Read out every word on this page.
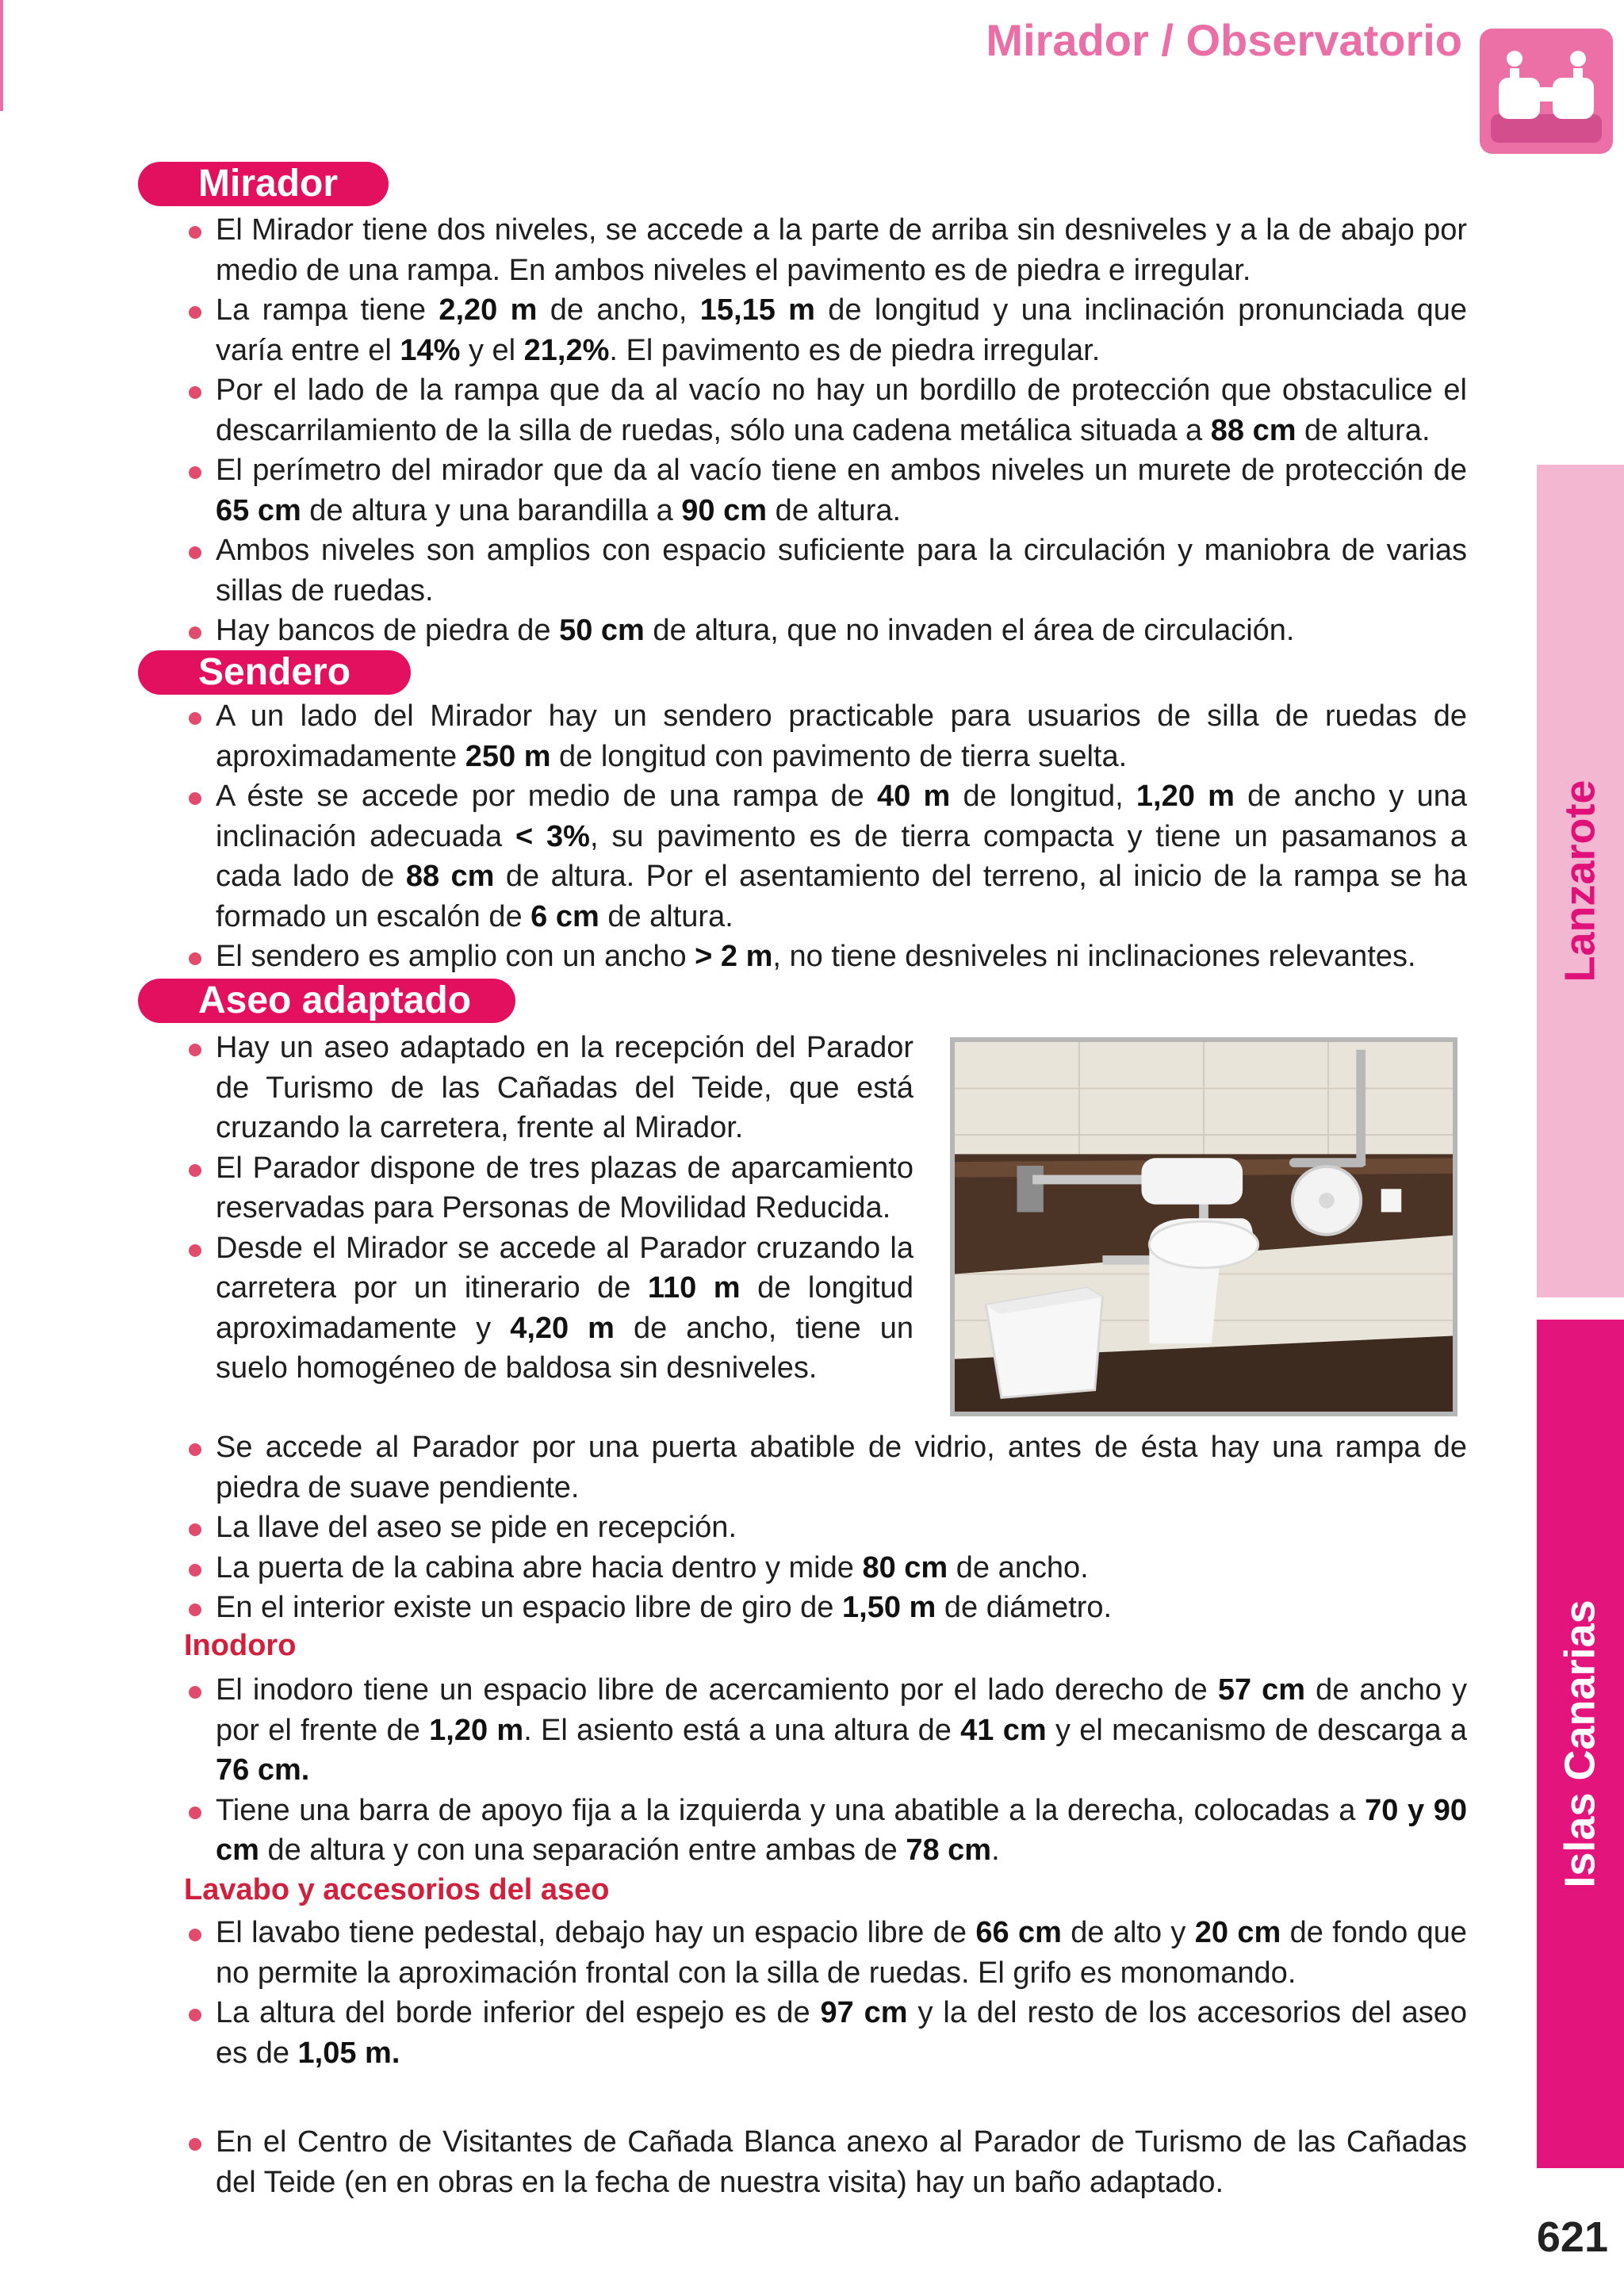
Mirador / Observatorio
Lanzarote
Islas Canarias
621
Mirador
El Mirador tiene dos niveles, se accede a la parte de arriba sin desniveles y a la de abajo por medio de una rampa. En ambos niveles el pavimento es de piedra e irregular.
La rampa tiene 2,20 m de ancho, 15,15 m de longitud y una inclinación pronunciada que varía entre el 14% y el 21,2%. El pavimento es de piedra irregular.
Por el lado de la rampa que da al vacío no hay un bordillo de protección que obstaculice el descarrilamiento de la silla de ruedas, sólo una cadena metálica situada a 88 cm de altura.
El perímetro del mirador que da al vacío tiene en ambos niveles un murete de protección de 65 cm de altura y una barandilla a 90 cm de altura.
Ambos niveles son amplios con espacio suficiente para la circulación y maniobra de varias sillas de ruedas.
Hay bancos de piedra de 50 cm de altura, que no invaden el área de circulación.
Sendero
A un lado del Mirador hay un sendero practicable para usuarios de silla de ruedas de aproximadamente 250 m de longitud con pavimento de tierra suelta.
A éste se accede por medio de una rampa de 40 m de longitud, 1,20 m de ancho y una inclinación adecuada < 3%, su pavimento es de tierra compacta y tiene un pasamanos a cada lado de 88 cm de altura. Por el asentamiento del terreno, al inicio de la rampa se ha formado un escalón de 6 cm de altura.
El sendero es amplio con un ancho > 2 m, no tiene desniveles ni inclinaciones relevantes.
Aseo adaptado
Hay un aseo adaptado en la recepción del Parador de Turismo de las Cañadas del Teide, que está cruzando la carretera, frente al Mirador.
El Parador dispone de tres plazas de aparcamiento reservadas para Personas de Movilidad Reducida.
Desde el Mirador se accede al Parador cruzando la carretera por un itinerario de 110 m de longitud aproximadamente y 4,20 m de ancho, tiene un suelo homogéneo de baldosa sin desniveles.
Se accede al Parador por una puerta abatible de vidrio, antes de ésta hay una rampa de piedra de suave pendiente.
La llave del aseo se pide en recepción.
La puerta de la cabina abre hacia dentro y mide 80 cm de ancho.
En el interior existe un espacio libre de giro de 1,50 m de diámetro.
Inodoro
El inodoro tiene un espacio libre de acercamiento por el lado derecho de 57 cm de ancho y por el frente de 1,20 m. El asiento está a una altura de 41 cm y el mecanismo de descarga a 76 cm.
Tiene una barra de apoyo fija a la izquierda y una abatible a la derecha, colocadas a 70 y 90 cm de altura y con una separación entre ambas de 78 cm.
Lavabo y accesorios del aseo
El lavabo tiene pedestal, debajo hay un espacio libre de 66 cm de alto y 20 cm de fondo que no permite la aproximación frontal con la silla de ruedas. El grifo es monomando.
La altura del borde inferior del espejo es de 97 cm y la del resto de los accesorios del aseo es de 1,05 m.
En el Centro de Visitantes de Cañada Blanca anexo al Parador de Turismo de las Cañadas del Teide (en en obras en la fecha de nuestra visita) hay un baño adaptado.
